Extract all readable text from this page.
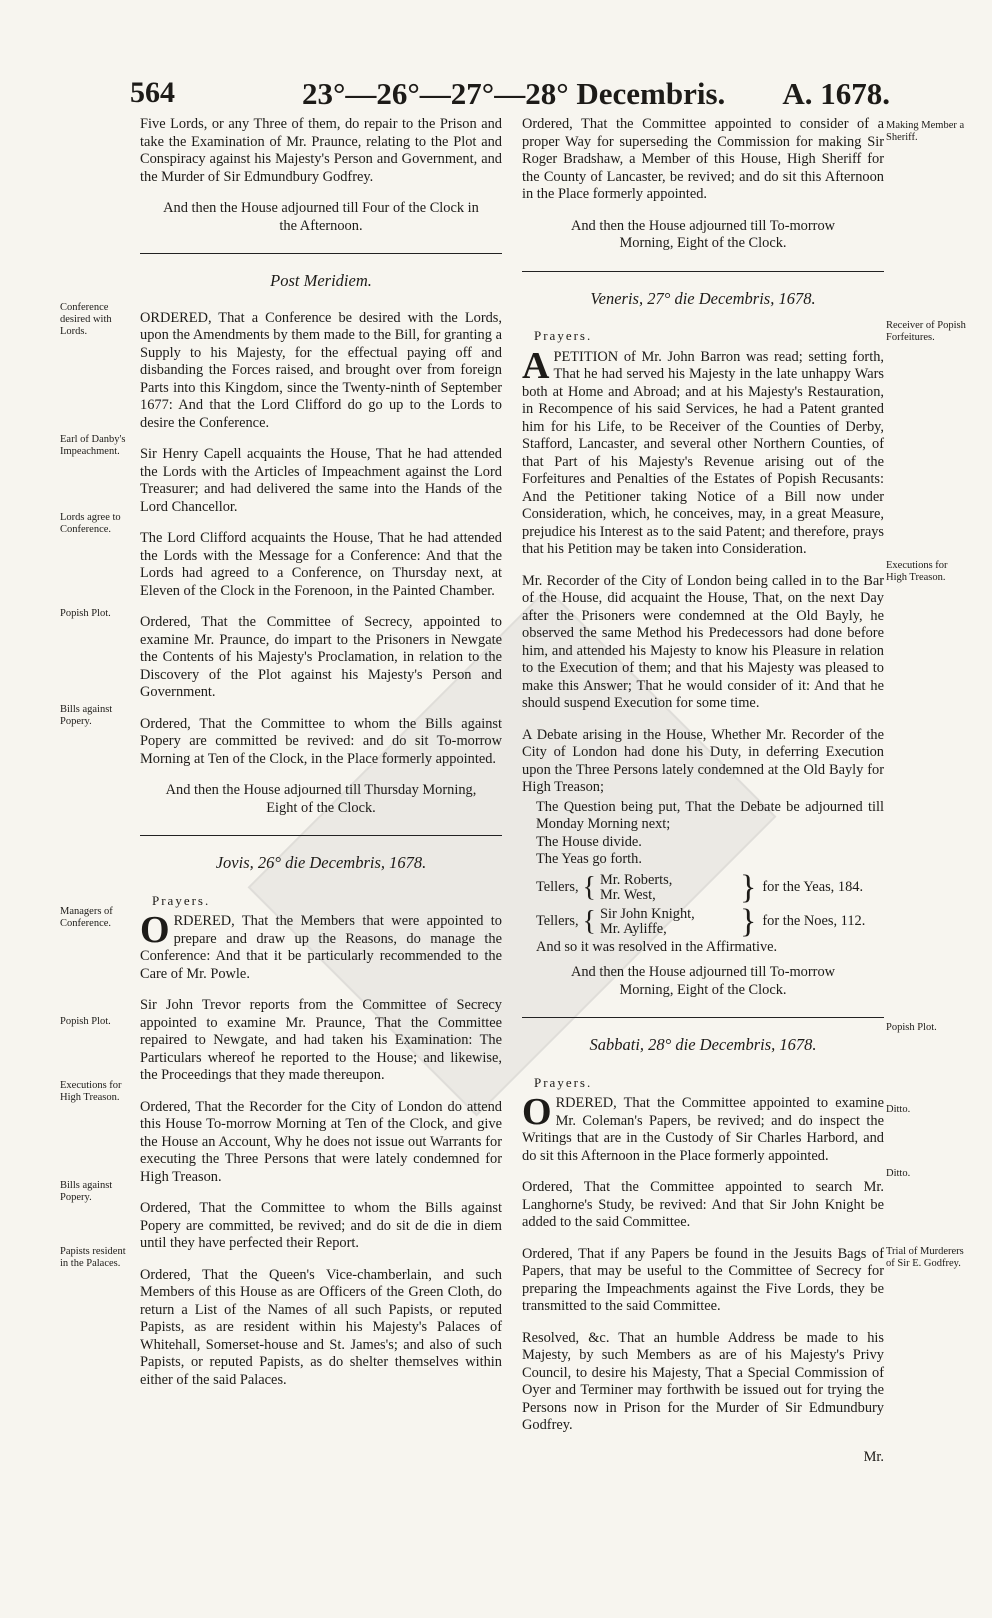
564	23°—26°—27°—28° Decembris. A. 1678.

Five Lords, or any Three of them, do repair to the Prison and take the Examination of Mr. Praunce, relating to the Plot and Conspiracy against his Majesty's Person and Government, and the Murder of Sir Edmundbury Godfrey.

And then the House adjourned till Four of the Clock in the Afternoon.

Post Meridiem.

ORDERED, That a Conference be desired with the Lords, upon the Amendments by them made to the Bill, for granting a Supply to his Majesty, for the effectual paying off and disbanding the Forces raised, and brought over from foreign Parts into this Kingdom, since the Twenty-ninth of September 1677: And that the Lord Clifford do go up to the Lords to desire the Conference.

Sir Henry Capell acquaints the House, That he had attended the Lords with the Articles of Impeachment against the Lord Treasurer; and had delivered the same into the Hands of the Lord Chancellor.

The Lord Clifford acquaints the House, That he had attended the Lords with the Message for a Conference: And that the Lords had agreed to a Conference, on Thursday next, at Eleven of the Clock in the Forenoon, in the Painted Chamber.

Ordered, That the Committee of Secrecy, appointed to examine Mr. Praunce, do impart to the Prisoners in Newgate the Contents of his Majesty's Proclamation, in relation to the Discovery of the Plot against his Majesty's Person and Government.

Ordered, That the Committee to whom the Bills against Popery are committed be revived: and do sit To-morrow Morning at Ten of the Clock, in the Place formerly appointed.

And then the House adjourned till Thursday Morning, Eight of the Clock.

Jovis, 26° die Decembris, 1678.
Prayers.

ORDERED, That the Members that were appointed to prepare and draw up the Reasons, do manage the Conference: And that it be particularly recommended to the Care of Mr. Powle.

Sir John Trevor reports from the Committee of Secrecy appointed to examine Mr. Praunce, That the Committee repaired to Newgate, and had taken his Examination: The Particulars whereof he reported to the House; and likewise, the Proceedings that they made thereupon.

Ordered, That the Recorder for the City of London do attend this House To-morrow Morning at Ten of the Clock, and give the House an Account, Why he does not issue out Warrants for executing the Three Persons that were lately condemned for High Treason.

Ordered, That the Committee to whom the Bills against Popery are committed, be revived; and do sit de die in diem until they have perfected their Report.

Ordered, That the Queen's Vice-chamberlain, and such Members of this House as are Officers of the Green Cloth, do return a List of the Names of all such Papists, or reputed Papists, as are resident within his Majesty's Palaces of Whitehall, Somerset-house and St. James's; and also of such Papists, or reputed Papists, as do shelter themselves within either of the said Palaces.

Conference desired with Lords.
Earl of Danby's Impeachment.
Lords agree to Conference.
Popish Plot.
Bills against Popery.
Managers of Conference.
Popish Plot.
Executions for High Treason.
Bills against Popery.
Papists resident in the Palaces.

Ordered, That the Committee appointed to consider of a proper Way for superseding the Commission for making Sir Roger Bradshaw, a Member of this House, High Sheriff for the County of Lancaster, be revived; and do sit this Afternoon in the Place formerly appointed.

And then the House adjourned till To-morrow Morning, Eight of the Clock.

Veneris, 27° die Decembris, 1678.
Prayers.

APETITION of Mr. John Barron was read; setting forth, That he had served his Majesty in the late unhappy Wars both at Home and Abroad; and at his Majesty's Restauration, in Recompence of his said Services, he had a Patent granted him for his Life, to be Receiver of the Counties of Derby, Stafford, Lancaster, and several other Northern Counties, of that Part of his Majesty's Revenue arising out of the Forfeitures and Penalties of the Estates of Popish Recusants: And the Petitioner taking Notice of a Bill now under Consideration, which, he conceives, may, in a great Measure, prejudice his Interest as to the said Patent; and therefore, prays that his Petition may be taken into Consideration.

Mr. Recorder of the City of London being called in to the Bar of the House, did acquaint the House, That, on the next Day after the Prisoners were condemned at the Old Bayly, he observed the same Method his Predecessors had done before him, and attended his Majesty to know his Pleasure in relation to the Execution of them; and that his Majesty was pleased to make this Answer; That he would consider of it: And that he should suspend Execution for some time.

A Debate arising in the House, Whether Mr. Recorder of the City of London had done his Duty, in deferring Execution upon the Three Persons lately condemned at the Old Bayly for High Treason;

The Question being put, That the Debate be adjourned till Monday Morning next;
The House divide.
The Yeas go forth.
Tellers, { Mr. Roberts,
Mr. West,	} for the Yeas, 184.
Tellers, { Sir John Knight,
Mr. Ayliffe,	} for the Noes, 112.
And so it was resolved in the Affirmative.

And then the House adjourned till To-morrow Morning, Eight of the Clock.

Sabbati, 28° die Decembris, 1678.
Prayers.

ORDERED, That the Committee appointed to examine Mr. Coleman's Papers, be revived; and do inspect the Writings that are in the Custody of Sir Charles Harbord, and do sit this Afternoon in the Place formerly appointed.

Ordered, That the Committee appointed to search Mr. Langhorne's Study, be revived: And that Sir John Knight be added to the said Committee.

Ordered, That if any Papers be found in the Jesuits Bags of Papers, that may be useful to the Committee of Secrecy for preparing the Impeachments against the Five Lords, they be transmitted to the said Committee.

Resolved, &c. That an humble Address be made to his Majesty, by such Members as are of his Majesty's Privy Council, to desire his Majesty, That a Special Commission of Oyer and Terminer may forthwith be issued out for trying the Persons now in Prison for the Murder of Sir Edmundbury Godfrey.

Mr.
Making Member a Sheriff.
Receiver of Popish Forfeitures.
Executions for High Treason.
Popish Plot.
Ditto.
Ditto.
Trial of Murderers of Sir E. Godfrey.
